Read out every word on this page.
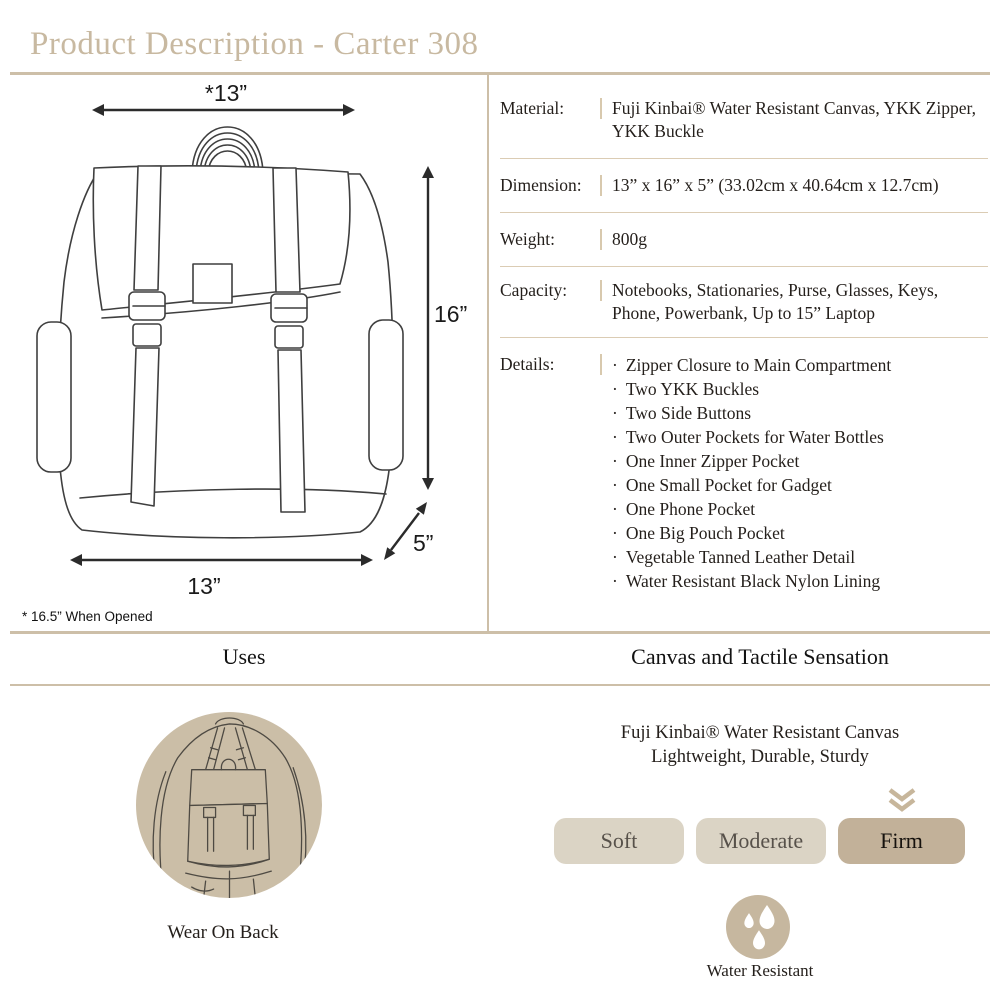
Product Description - Carter 308
*13”
16”
5”
13”
* 16.5” When Opened
Material:	Fuji Kinbai® Water Resistant Canvas, YKK Zipper, YKK Buckle
Dimension:	13” x 16” x 5” (33.02cm x 40.64cm x 12.7cm)
Weight:	800g
Capacity:	Notebooks, Stationaries, Purse, Glasses, Keys, Phone, Powerbank, Up to 15” Laptop
Details:	· Zipper Closure to Main Compartment
· Two YKK Buckles
· Two Side Buttons
· Two Outer Pockets for Water Bottles
· One Inner Zipper Pocket
· One Small Pocket for Gadget
· One Phone Pocket
· One Big Pouch Pocket
· Vegetable Tanned Leather Detail
· Water Resistant Black Nylon Lining
Uses	Canvas and Tactile Sensation
Wear On Back
Fuji Kinbai® Water Resistant Canvas
Lightweight, Durable, Sturdy
Soft	Moderate	Firm
Water Resistant
